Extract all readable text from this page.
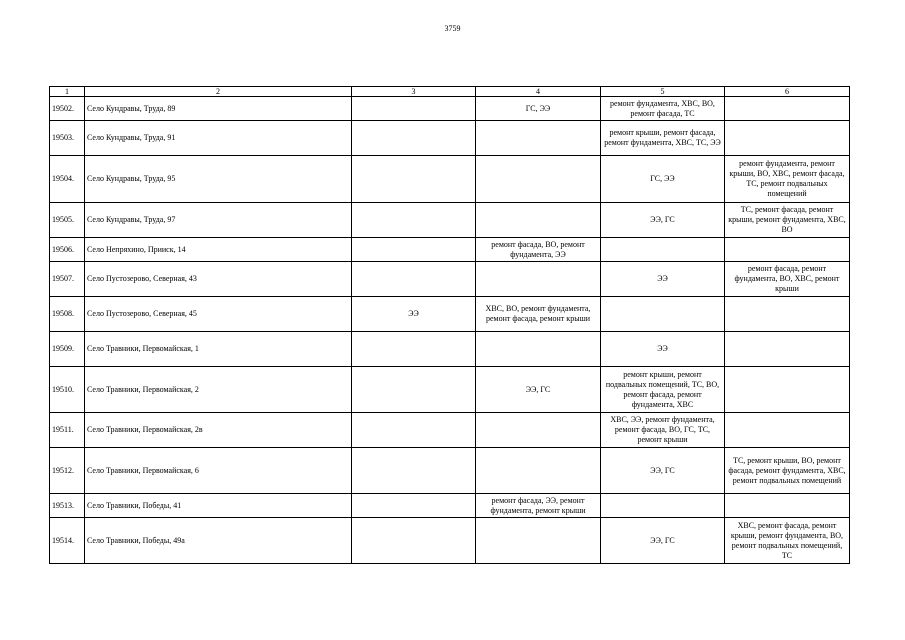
3759
1	2	3	4	5	6
19502.	Село Кундравы, Труда, 89		ГС, ЭЭ	ремонт фундамента, ХВС, ВО, ремонт фасада, ТС	
19503.	Село Кундравы, Труда, 91			ремонт крыши, ремонт фасада, ремонт фундамента, ХВС, ТС, ЭЭ	
19504.	Село Кундравы, Труда, 95			ГС, ЭЭ	ремонт фундамента, ремонт крыши, ВО, ХВС, ремонт фасада, ТС, ремонт подвальных помещений
19505.	Село Кундравы, Труда, 97			ЭЭ, ГС	ТС, ремонт фасада, ремонт крыши, ремонт фундамента, ХВС, ВО
19506.	Село Непряхино, Прииск, 14		ремонт фасада, ВО, ремонт фундамента, ЭЭ		
19507.	Село Пустозерово, Северная, 43			ЭЭ	ремонт фасада, ремонт фундамента, ВО, ХВС, ремонт крыши
19508.	Село Пустозерово, Северная, 45	ЭЭ	ХВС, ВО, ремонт фундамента, ремонт фасада, ремонт крыши		
19509.	Село Травники, Первомайская, 1			ЭЭ	
19510.	Село Травники, Первомайская, 2		ЭЭ, ГС	ремонт крыши, ремонт подвальных помещений, ТС, ВО, ремонт фасада, ремонт фундамента, ХВС	
19511.	Село Травники, Первомайская, 2в			ХВС, ЭЭ, ремонт фундамента, ремонт фасада, ВО, ГС, ТС, ремонт крыши	
19512.	Село Травники, Первомайская, 6			ЭЭ, ГС	ТС, ремонт крыши, ВО, ремонт фасада, ремонт фундамента, ХВС, ремонт подвальных помещений
19513.	Село Травники, Победы, 41		ремонт фасада, ЭЭ, ремонт фундамента, ремонт крыши		
19514.	Село Травники, Победы, 49а			ЭЭ, ГС	ХВС, ремонт фасада, ремонт крыши, ремонт фундамента, ВО, ремонт подвальных помещений, ТС
